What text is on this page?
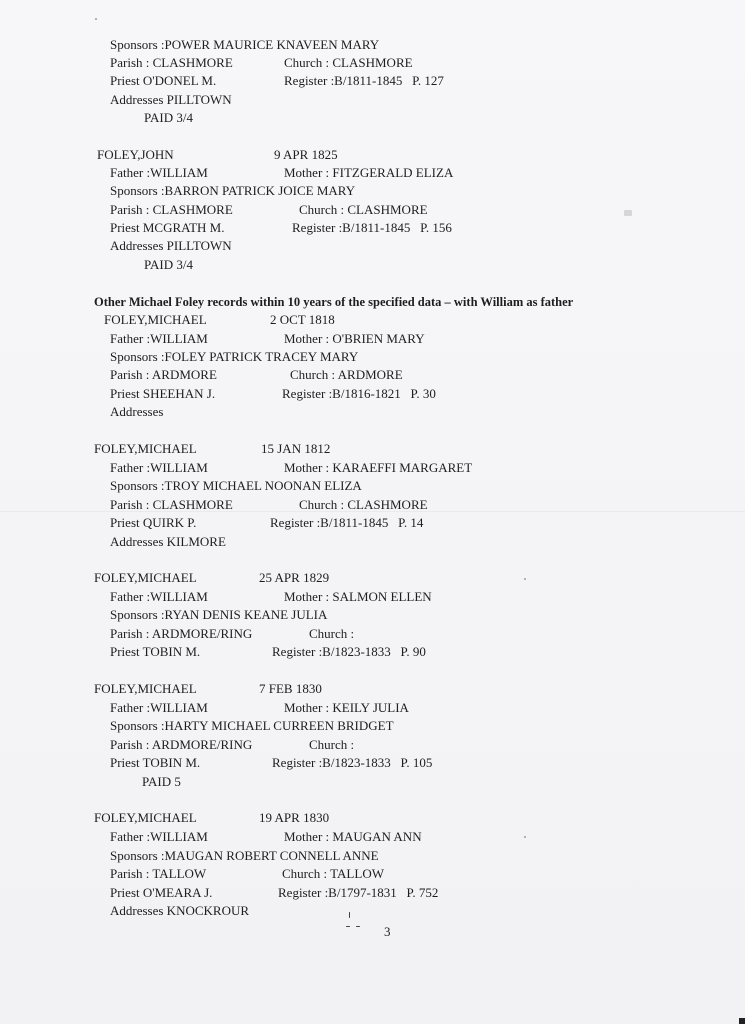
Sponsors :POWER MAURICE KNAVEEN MARY
Parish : CLASHMORE	Church : CLASHMORE
Priest O'DONEL M.	Register :B/1811-1845   P. 127
Addresses PILLTOWN
PAID 3/4
FOLEY,JOHN	9 APR 1825
Father :WILLIAM	Mother : FITZGERALD ELIZA
Sponsors :BARRON PATRICK JOICE MARY
Parish : CLASHMORE	Church : CLASHMORE
Priest MCGRATH M.	Register :B/1811-1845   P. 156
Addresses PILLTOWN
PAID 3/4
Other Michael Foley records within 10 years of the specified data – with William as father
FOLEY,MICHAEL	2 OCT 1818
Father :WILLIAM	Mother : O'BRIEN MARY
Sponsors :FOLEY PATRICK TRACEY MARY
Parish : ARDMORE	Church : ARDMORE
Priest SHEEHAN J.	Register :B/1816-1821   P. 30
Addresses
FOLEY,MICHAEL	15 JAN 1812
Father :WILLIAM	Mother : KARAEFFI MARGARET
Sponsors :TROY MICHAEL NOONAN ELIZA
Parish : CLASHMORE	Church : CLASHMORE
Priest QUIRK P.	Register :B/1811-1845   P. 14
Addresses KILMORE
FOLEY,MICHAEL	25 APR 1829
Father :WILLIAM	Mother : SALMON ELLEN
Sponsors :RYAN DENIS KEANE JULIA
Parish : ARDMORE/RING	Church :
Priest TOBIN M.	Register :B/1823-1833   P. 90
FOLEY,MICHAEL	7 FEB 1830
Father :WILLIAM	Mother : KEILY JULIA
Sponsors :HARTY MICHAEL CURREEN BRIDGET
Parish : ARDMORE/RING	Church :
Priest TOBIN M.	Register :B/1823-1833   P. 105
PAID 5
FOLEY,MICHAEL	19 APR 1830
Father :WILLIAM	Mother : MAUGAN ANN
Sponsors :MAUGAN ROBERT CONNELL ANNE
Parish : TALLOW	Church : TALLOW
Priest O'MEARA J.	Register :B/1797-1831   P. 752
Addresses KNOCKROUR
3
